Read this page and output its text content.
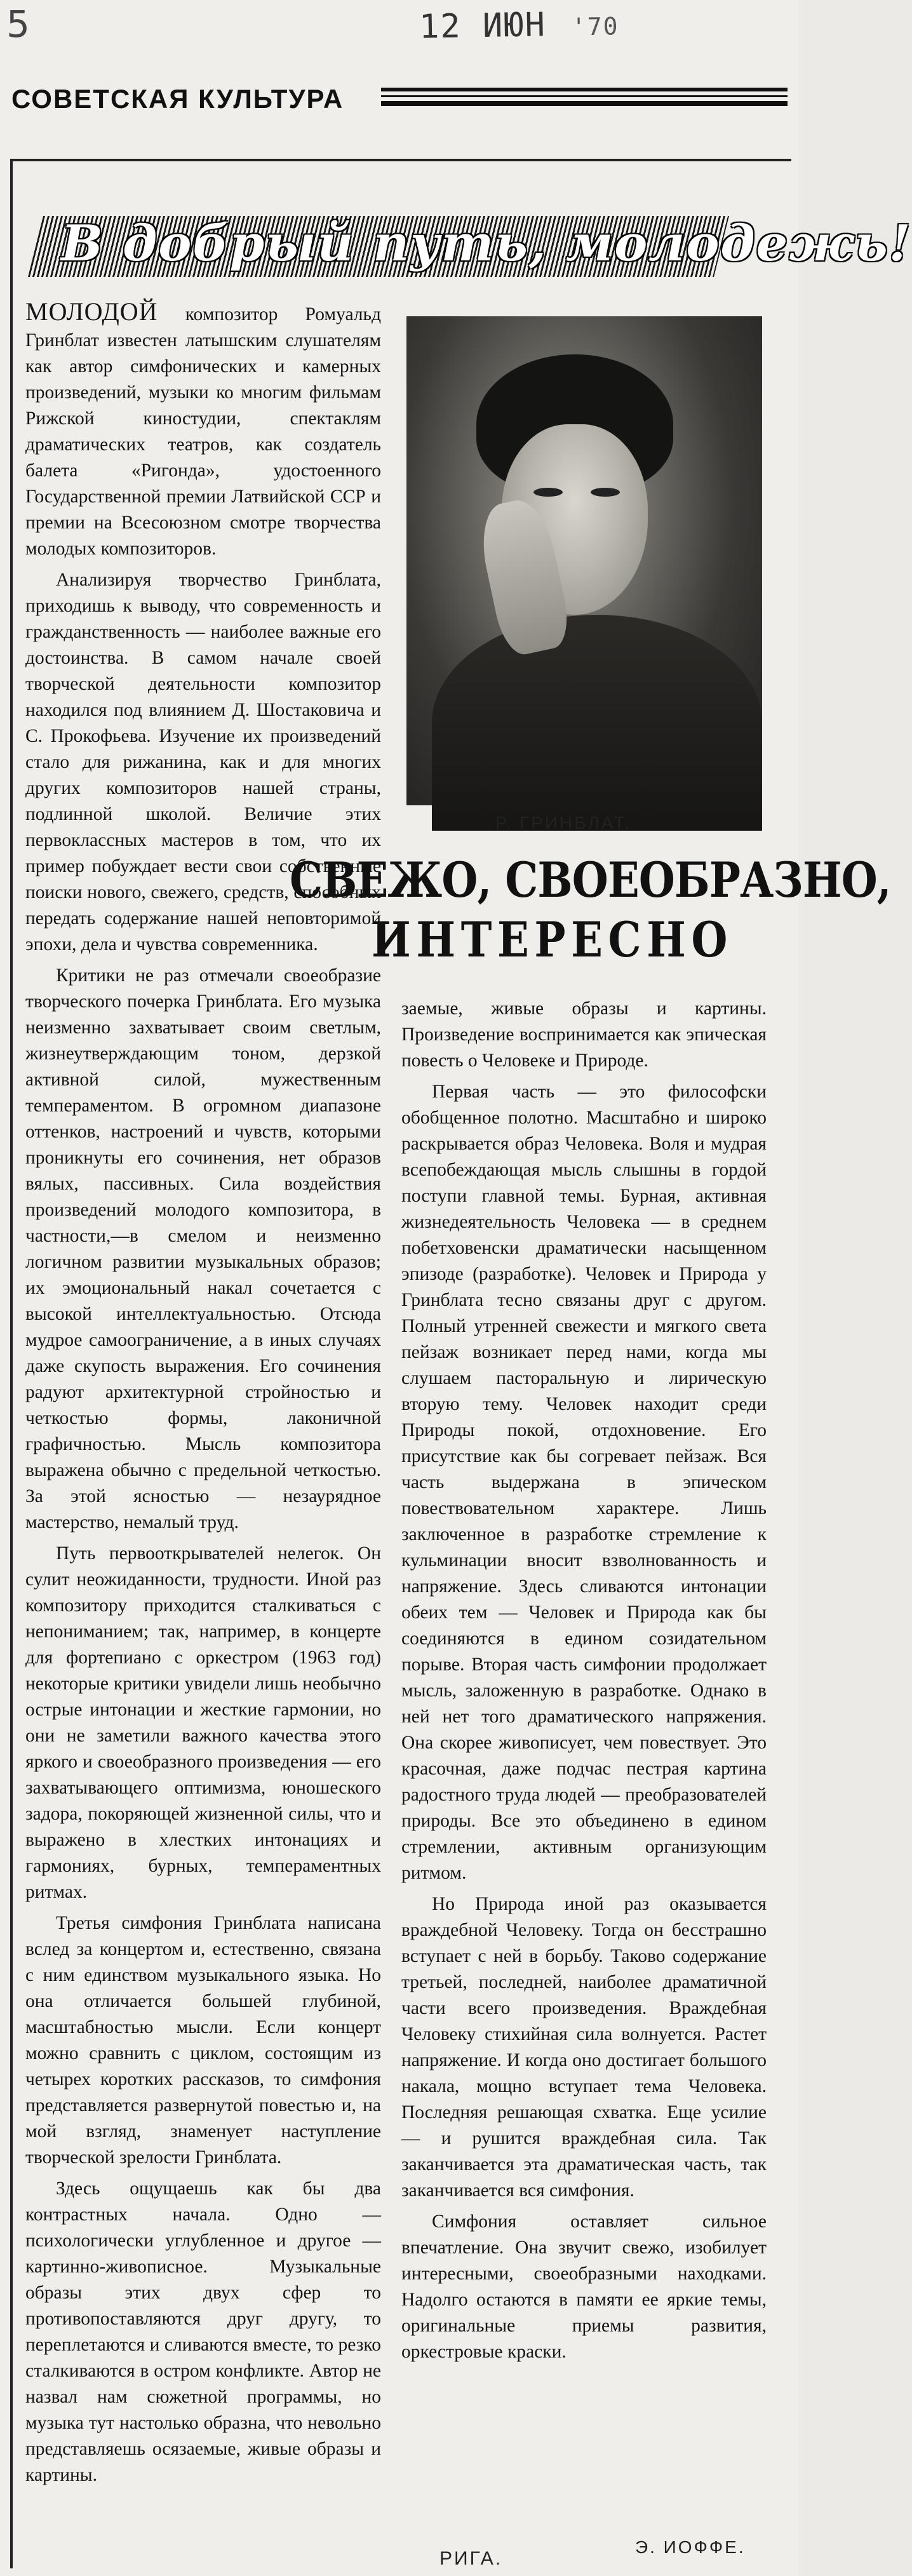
5	12 ИЮН '70
СОВЕТСКАЯ КУЛЬТУРА
В добрый путь, молодежь!

МОЛОДОЙ композитор Ромуальд Гринблат известен латышским слушателям как автор симфонических и камерных произведений, музыки ко многим фильмам Рижской киностудии, спектаклям драматических театров, как создатель балета «Ригонда», удостоенного Государственной премии Латвийской ССР и премии на Всесоюзном смотре творчества молодых композиторов.

Анализируя творчество Гринблата, приходишь к выводу, что современность и гражданственность — наиболее важные его достоинства. В самом начале своей творческой деятельности композитор находился под влиянием Д. Шостаковича и С. Прокофьева. Изучение их произведений стало для рижанина, как и для многих других композиторов нашей страны, подлинной школой. Величие этих первоклассных мастеров в том, что их пример побуждает вести свои собственные поиски нового, свежего, средств, способных передать содержание нашей неповторимой эпохи, дела и чувства современника.

Критики не раз отмечали своеобразие творческого почерка Гринблата. Его музыка неизменно захватывает своим светлым, жизнеутверждающим тоном, дерзкой активной силой, мужественным темпераментом. В огромном диапазоне оттенков, настроений и чувств, которыми проникнуты его сочинения, нет образов вялых, пассивных. Сила воздействия произведений молодого композитора, в частности,—в смелом и неизменно логичном развитии музыкальных образов; их эмоциональный накал сочетается с высокой интеллектуальностью. Отсюда мудрое самоограничение, а в иных случаях даже скупость выражения. Его сочинения радуют архитектурной стройностью и четкостью формы, лаконичной графичностью. Мысль композитора выражена обычно с предельной четкостью. За этой ясностью — незаурядное мастерство, немалый труд.

Путь первооткрывателей нелегок. Он сулит неожиданности, трудности. Иной раз композитору приходится сталкиваться с непониманием; так, например, в концерте для фортепиано с оркестром (1963 год) некоторые критики увидели лишь необычно острые интонации и жесткие гармонии, но они не заметили важного качества этого яркого и своеобразного произведения — его захватывающего оптимизма, юношеского задора, покоряющей жизненной силы, что и выражено в хлестких интонациях и гармониях, бурных, темпераментных ритмах.

Третья симфония Гринблата написана вслед за концертом и, естественно, связана с ним единством музыкального языка. Но она отличается большей глубиной, масштабностью мысли. Если концерт можно сравнить с циклом, состоящим из четырех коротких рассказов, то симфония представляется развернутой повестью и, на мой взгляд, знаменует наступление творческой зрелости Гринблата.

Здесь ощущаешь как бы два контрастных начала. Одно — психологически углубленное и другое — картинно-живописное. Музыкальные образы этих двух сфер то противопоставляются друг другу, то переплетаются и сливаются вместе, то резко сталкиваются в остром конфликте. Автор не назвал нам сюжетной программы, но музыка тут настолько образна, что невольно представляешь осязаемые, живые образы и картины.

Р. ГРИНБЛАТ.
СВЕЖО, СВОЕОБРАЗНО,
ИНТЕРЕСНО

заемые, живые образы и картины. Произведение воспринимается как эпическая повесть о Человеке и Природе.

Первая часть — это философски обобщенное полотно. Масштабно и широко раскрывается образ Человека. Воля и мудрая всепобеждающая мысль слышны в гордой поступи главной темы. Бурная, активная жизнедеятельность Человека — в среднем побетховенски драматически насыщенном эпизоде (разработке). Человек и Природа у Гринблата тесно связаны друг с другом. Полный утренней свежести и мягкого света пейзаж возникает перед нами, когда мы слушаем пасторальную и лирическую вторую тему. Человек находит среди Природы покой, отдохновение. Его присутствие как бы согревает пейзаж. Вся часть выдержана в эпическом повествовательном характере. Лишь заключенное в разработке стремление к кульминации вносит взволнованность и напряжение. Здесь сливаются интонации обеих тем — Человек и Природа как бы соединяются в едином созидательном порыве. Вторая часть симфонии продолжает мысль, заложенную в разработке. Однако в ней нет того драматического напряжения. Она скорее живописует, чем повествует. Это красочная, даже подчас пестрая картина радостного труда людей — преобразователей природы. Все это объединено в едином стремлении, активным организующим ритмом.

Но Природа иной раз оказывается враждебной Человеку. Тогда он бесстрашно вступает с ней в борьбу. Таково содержание третьей, последней, наиболее драматичной части всего произведения. Враждебная Человеку стихийная сила волнуется. Растет напряжение. И когда оно достигает большого накала, мощно вступает тема Человека. Последняя решающая схватка. Еще усилие — и рушится враждебная сила. Так заканчивается эта драматическая часть, так заканчивается вся симфония.

Симфония оставляет сильное впечатление. Она звучит свежо, изобилует интересными, своеобразными находками. Надолго остаются в памяти ее яркие темы, оригинальные приемы развития, оркестровые краски.

Э. ИОФФЕ.
РИГА.
